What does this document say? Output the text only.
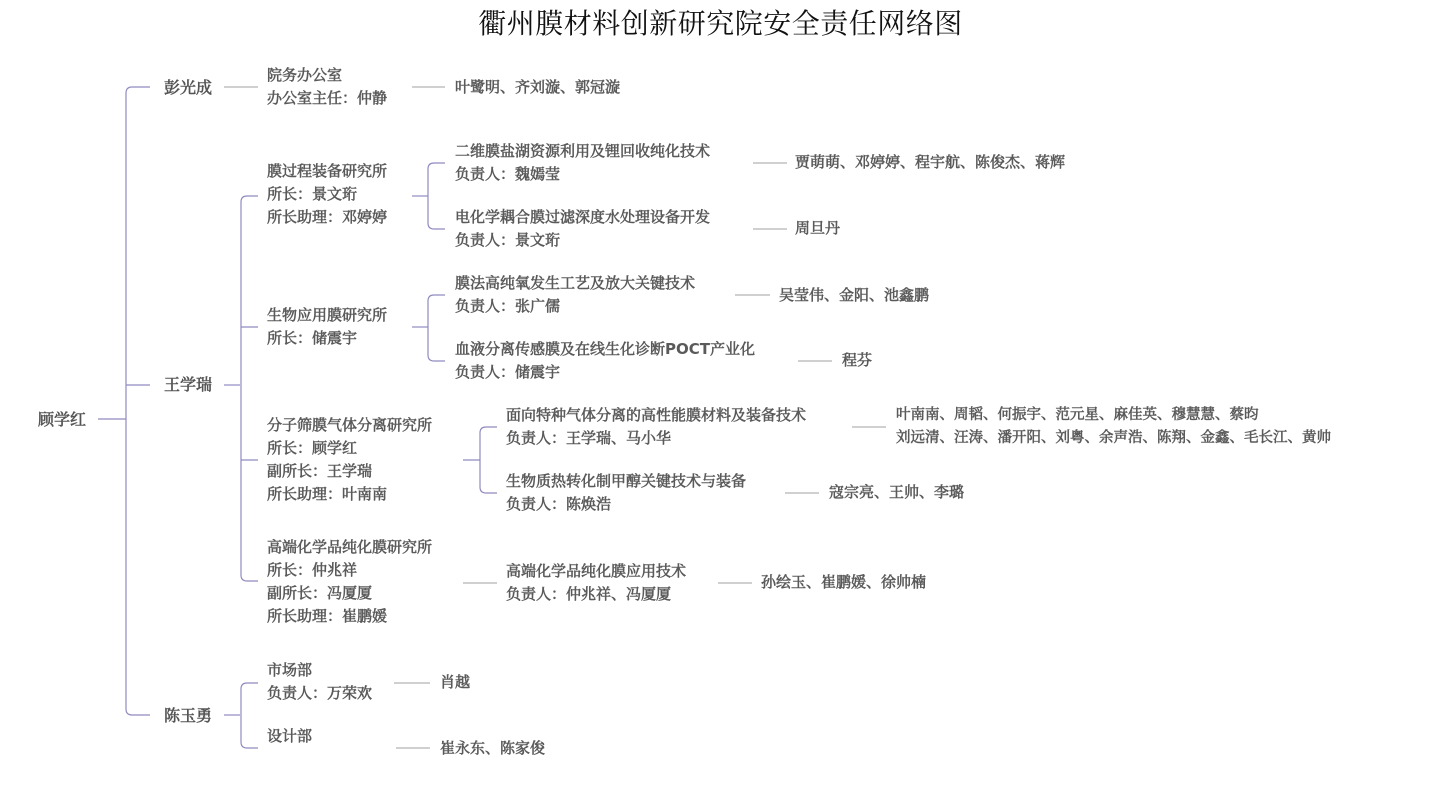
衢州膜材料创新研究院安全责任网络图
顾学红
彭光成
王学瑞
陈玉勇
院务办公室
办公室主任：仲静
叶鹭明、齐刘漩、郭冠漩
膜过程装备研究所
所长：景文珩
所长助理：邓婷婷
二维膜盐湖资源利用及锂回收纯化技术
负责人：魏嫣莹
贾萌萌、邓婷婷、程宇航、陈俊杰、蒋辉
电化学耦合膜过滤深度水处理设备开发
负责人：景文珩
周旦丹
生物应用膜研究所
所长：储震宇
膜法高纯氧发生工艺及放大关键技术
负责人：张广儒
吴莹伟、金阳、池鑫鹏
血液分离传感膜及在线生化诊断POCT产业化
负责人：储震宇
程芬
分子筛膜气体分离研究所
所长：顾学红
副所长：王学瑞
所长助理：叶南南
面向特种气体分离的高性能膜材料及装备技术
负责人：王学瑞、马小华
叶南南、周韬、何振宇、范元星、麻佳英、穆慧慧、蔡昀
刘远清、汪涛、潘开阳、刘粤、余声浩、陈翔、金鑫、毛长江、黄帅
生物质热转化制甲醇关键技术与装备
负责人：陈焕浩
寇宗亮、王帅、李璐
高端化学品纯化膜研究所
所长：仲兆祥
副所长：冯厦厦
所长助理：崔鹏媛
高端化学品纯化膜应用技术
负责人：仲兆祥、冯厦厦
孙绘玉、崔鹏媛、徐帅楠
市场部
负责人：万荣欢
肖越
设计部
崔永东、陈家俊
